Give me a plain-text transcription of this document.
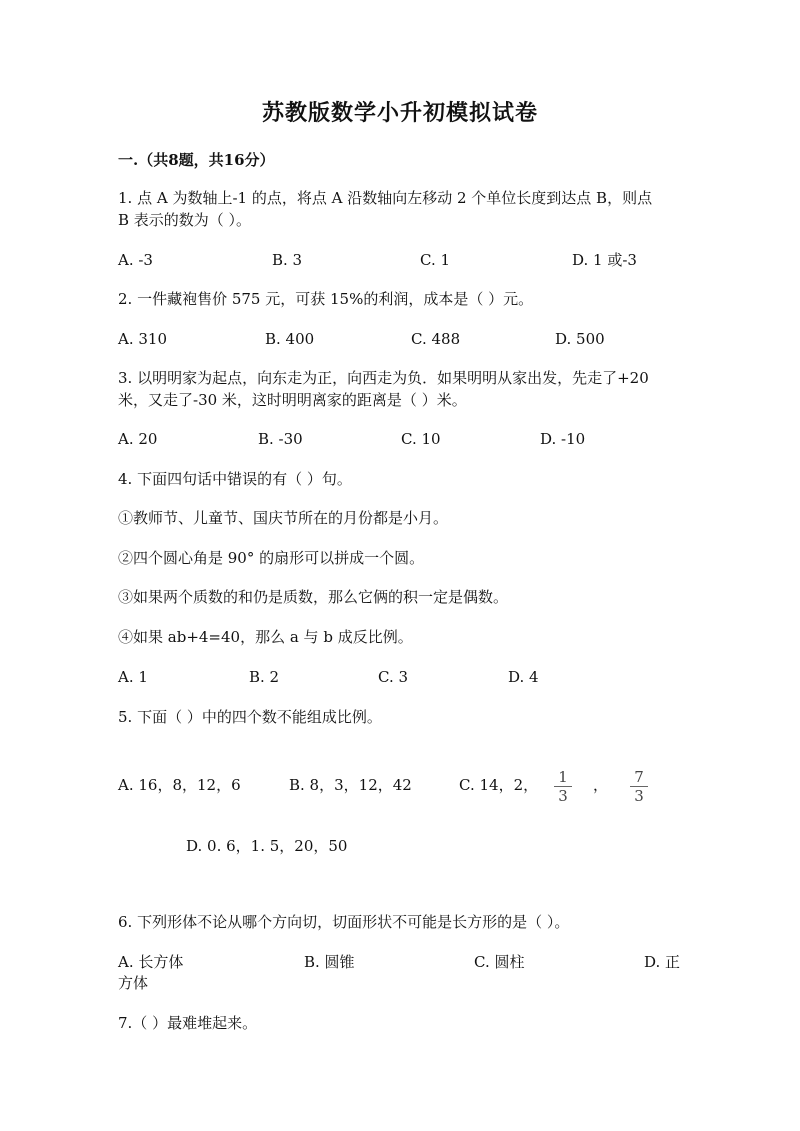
苏教版数学小升初模拟试卷
一.（共8题，共16分）
1. 点 A 为数轴上-1 的点，将点 A 沿数轴向左移动 2 个单位长度到达点 B，则点
B 表示的数为（ ）。
A. -3	B. 3	C. 1	D. 1 或-3
2. 一件藏袍售价 575 元，可获 15%的利润，成本是（ ）元。
A. 310	B. 400	C. 488	D. 500
3. 以明明家为起点，向东走为正，向西走为负．如果明明从家出发，先走了+20
米，又走了-30 米，这时明明离家的距离是（ ）米。
A. 20	B. -30	C. 10	D. -10
4. 下面四句话中错误的有（ ）句。
①教师节、儿童节、国庆节所在的月份都是小月。
②四个圆心角是 90° 的扇形可以拼成一个圆。
③如果两个质数的和仍是质数，那么它俩的积一定是偶数。
④如果 ab+4=40，那么 a 与 b 成反比例。
A. 1	B. 2	C. 3	D. 4
5. 下面（ ）中的四个数不能组成比例。
A. 16，8，12，6	B. 8，3，12，42	C. 14，2，	1
3
，	7
3
D. 0. 6，1. 5，20，50
6. 下列形体不论从哪个方向切，切面形状不可能是长方形的是（ ）。
A. 长方体	B. 圆锥	C. 圆柱	D. 正
方体
7.（ ）最难堆起来。
